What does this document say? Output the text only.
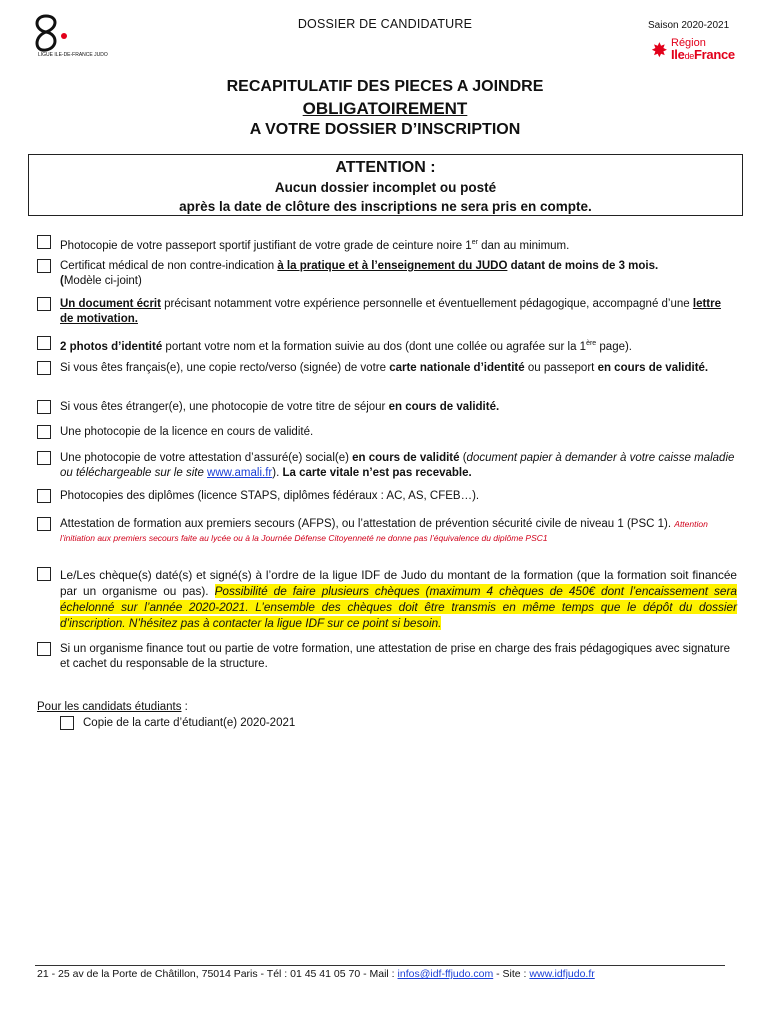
LIGUE ILE-DE-FRANCE JUDO
DOSSIER DE CANDIDATURE	Saison 2020-2021
✸ Région
IledeFrance
RECAPITULATIF DES PIECES A JOINDRE
OBLIGATOIREMENT
A VOTRE DOSSIER D’INSCRIPTION
ATTENTION :
Aucun dossier incomplet ou posté
après la date de clôture des inscriptions ne sera pris en compte.
Photocopie de votre passeport sportif justifiant de votre grade de ceinture noire 1er dan au minimum.
Certificat médical de non contre-indication à la pratique et à l’enseignement du JUDO datant de moins de 3 mois.
(Modèle ci-joint)
Un document écrit précisant notamment votre expérience personnelle et éventuellement pédagogique, accompagné d’une lettre de motivation.
2 photos d’identité portant votre nom et la formation suivie au dos (dont une collée ou agrafée sur la 1ère page).
Si vous êtes français(e), une copie recto/verso (signée) de votre carte nationale d’identité ou passeport en cours de validité.
Si vous êtes étranger(e), une photocopie de votre titre de séjour en cours de validité.
Une photocopie de la licence en cours de validité.
Une photocopie de votre attestation d’assuré(e) social(e) en cours de validité (document papier à demander à votre caisse maladie ou téléchargeable sur le site www.amali.fr). La carte vitale n’est pas recevable.
Photocopies des diplômes (licence STAPS, diplômes fédéraux : AC, AS, CFEB…).
Attestation de formation aux premiers secours (AFPS), ou l’attestation de prévention sécurité civile de niveau 1 (PSC 1). Attention l’initiation aux premiers secours faite au lycée ou à la Journée Défense Citoyenneté ne donne pas l’équivalence du diplôme PSC1
Le/Les chèque(s) daté(s) et signé(s) à l’ordre de la ligue IDF de Judo du montant de la formation (que la formation soit financée par un organisme ou pas). Possibilité de faire plusieurs chèques (maximum 4 chèques de 450€ dont l’encaissement sera échelonné sur l’année 2020-2021. L’ensemble des chèques doit être transmis en même temps que le dépôt du dossier d’inscription. N’hésitez pas à contacter la ligue IDF sur ce point si besoin.
Si un organisme finance tout ou partie de votre formation, une attestation de prise en charge des frais pédagogiques avec signature et cachet du responsable de la structure.
Pour les candidats étudiants :
Copie de la carte d’étudiant(e) 2020-2021
21 - 25 av de la Porte de Châtillon, 75014 Paris - Tél : 01 45 41 05 70 - Mail : infos@idf-ffjudo.com - Site : www.idfjudo.fr
